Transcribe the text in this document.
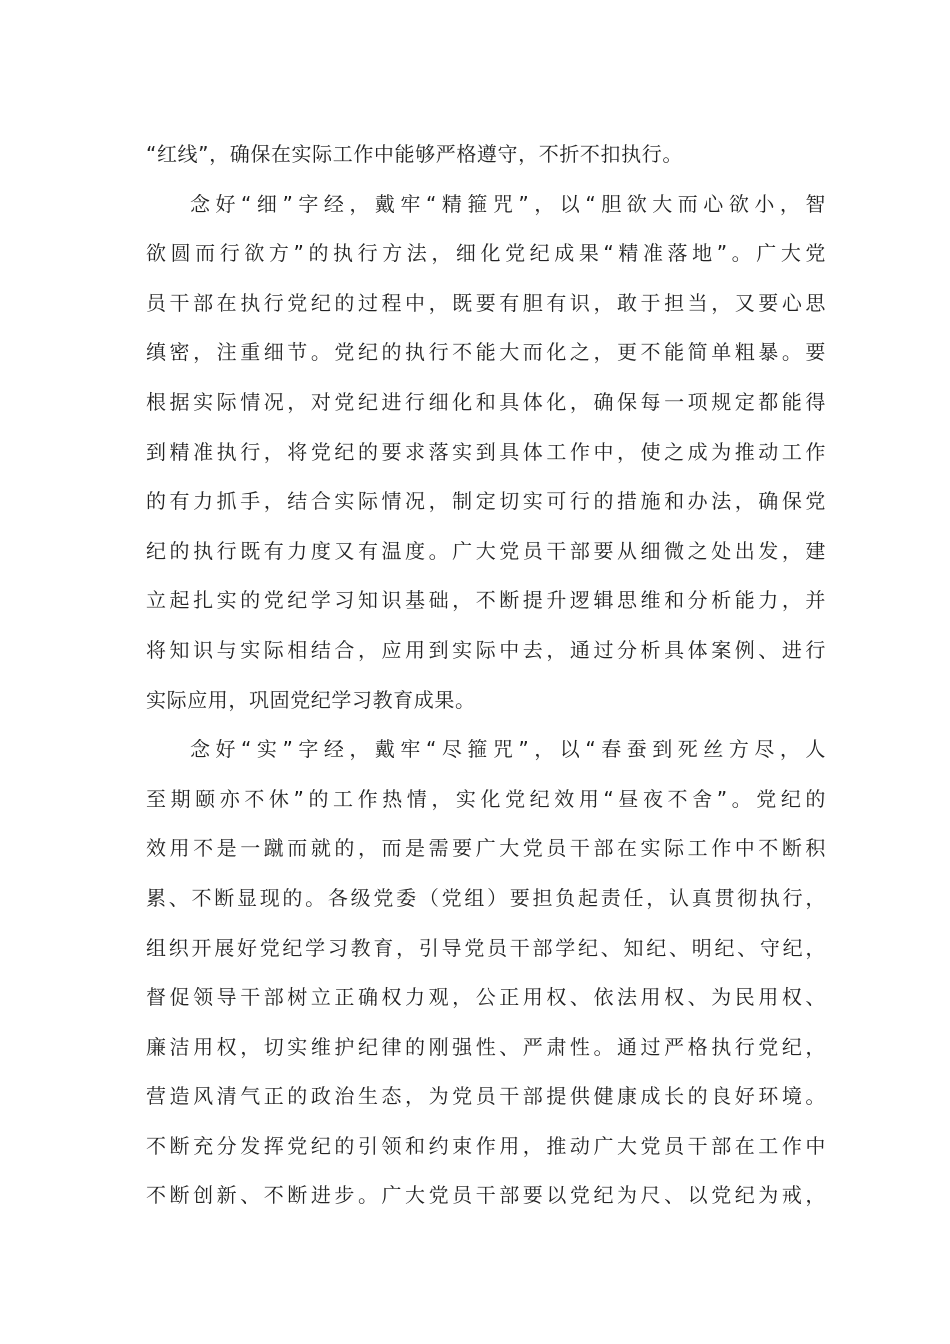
“红线”，确保在实际工作中能够严格遵守，不折不扣执行。
念好“细”字经，戴牢“精箍咒”，以“胆欲大而心欲小，智
欲圆而行欲方”的执行方法，细化党纪成果“精准落地”。广大党
员干部在执行党纪的过程中，既要有胆有识，敢于担当，又要心思
缜密，注重细节。党纪的执行不能大而化之，更不能简单粗暴。要
根据实际情况，对党纪进行细化和具体化，确保每一项规定都能得
到精准执行，将党纪的要求落实到具体工作中，使之成为推动工作
的有力抓手，结合实际情况，制定切实可行的措施和办法，确保党
纪的执行既有力度又有温度。广大党员干部要从细微之处出发，建
立起扎实的党纪学习知识基础，不断提升逻辑思维和分析能力，并
将知识与实际相结合，应用到实际中去，通过分析具体案例、进行
实际应用，巩固党纪学习教育成果。
念好“实”字经，戴牢“尽箍咒”，以“春蚕到死丝方尽，人
至期颐亦不休”的工作热情，实化党纪效用“昼夜不舍”。党纪的
效用不是一蹴而就的，而是需要广大党员干部在实际工作中不断积
累、不断显现的。各级党委（党组）要担负起责任，认真贯彻执行，
组织开展好党纪学习教育，引导党员干部学纪、知纪、明纪、守纪，
督促领导干部树立正确权力观，公正用权、依法用权、为民用权、
廉洁用权，切实维护纪律的刚强性、严肃性。通过严格执行党纪，
营造风清气正的政治生态，为党员干部提供健康成长的良好环境。
不断充分发挥党纪的引领和约束作用，推动广大党员干部在工作中
不断创新、不断进步。广大党员干部要以党纪为尺、以党纪为戒，
